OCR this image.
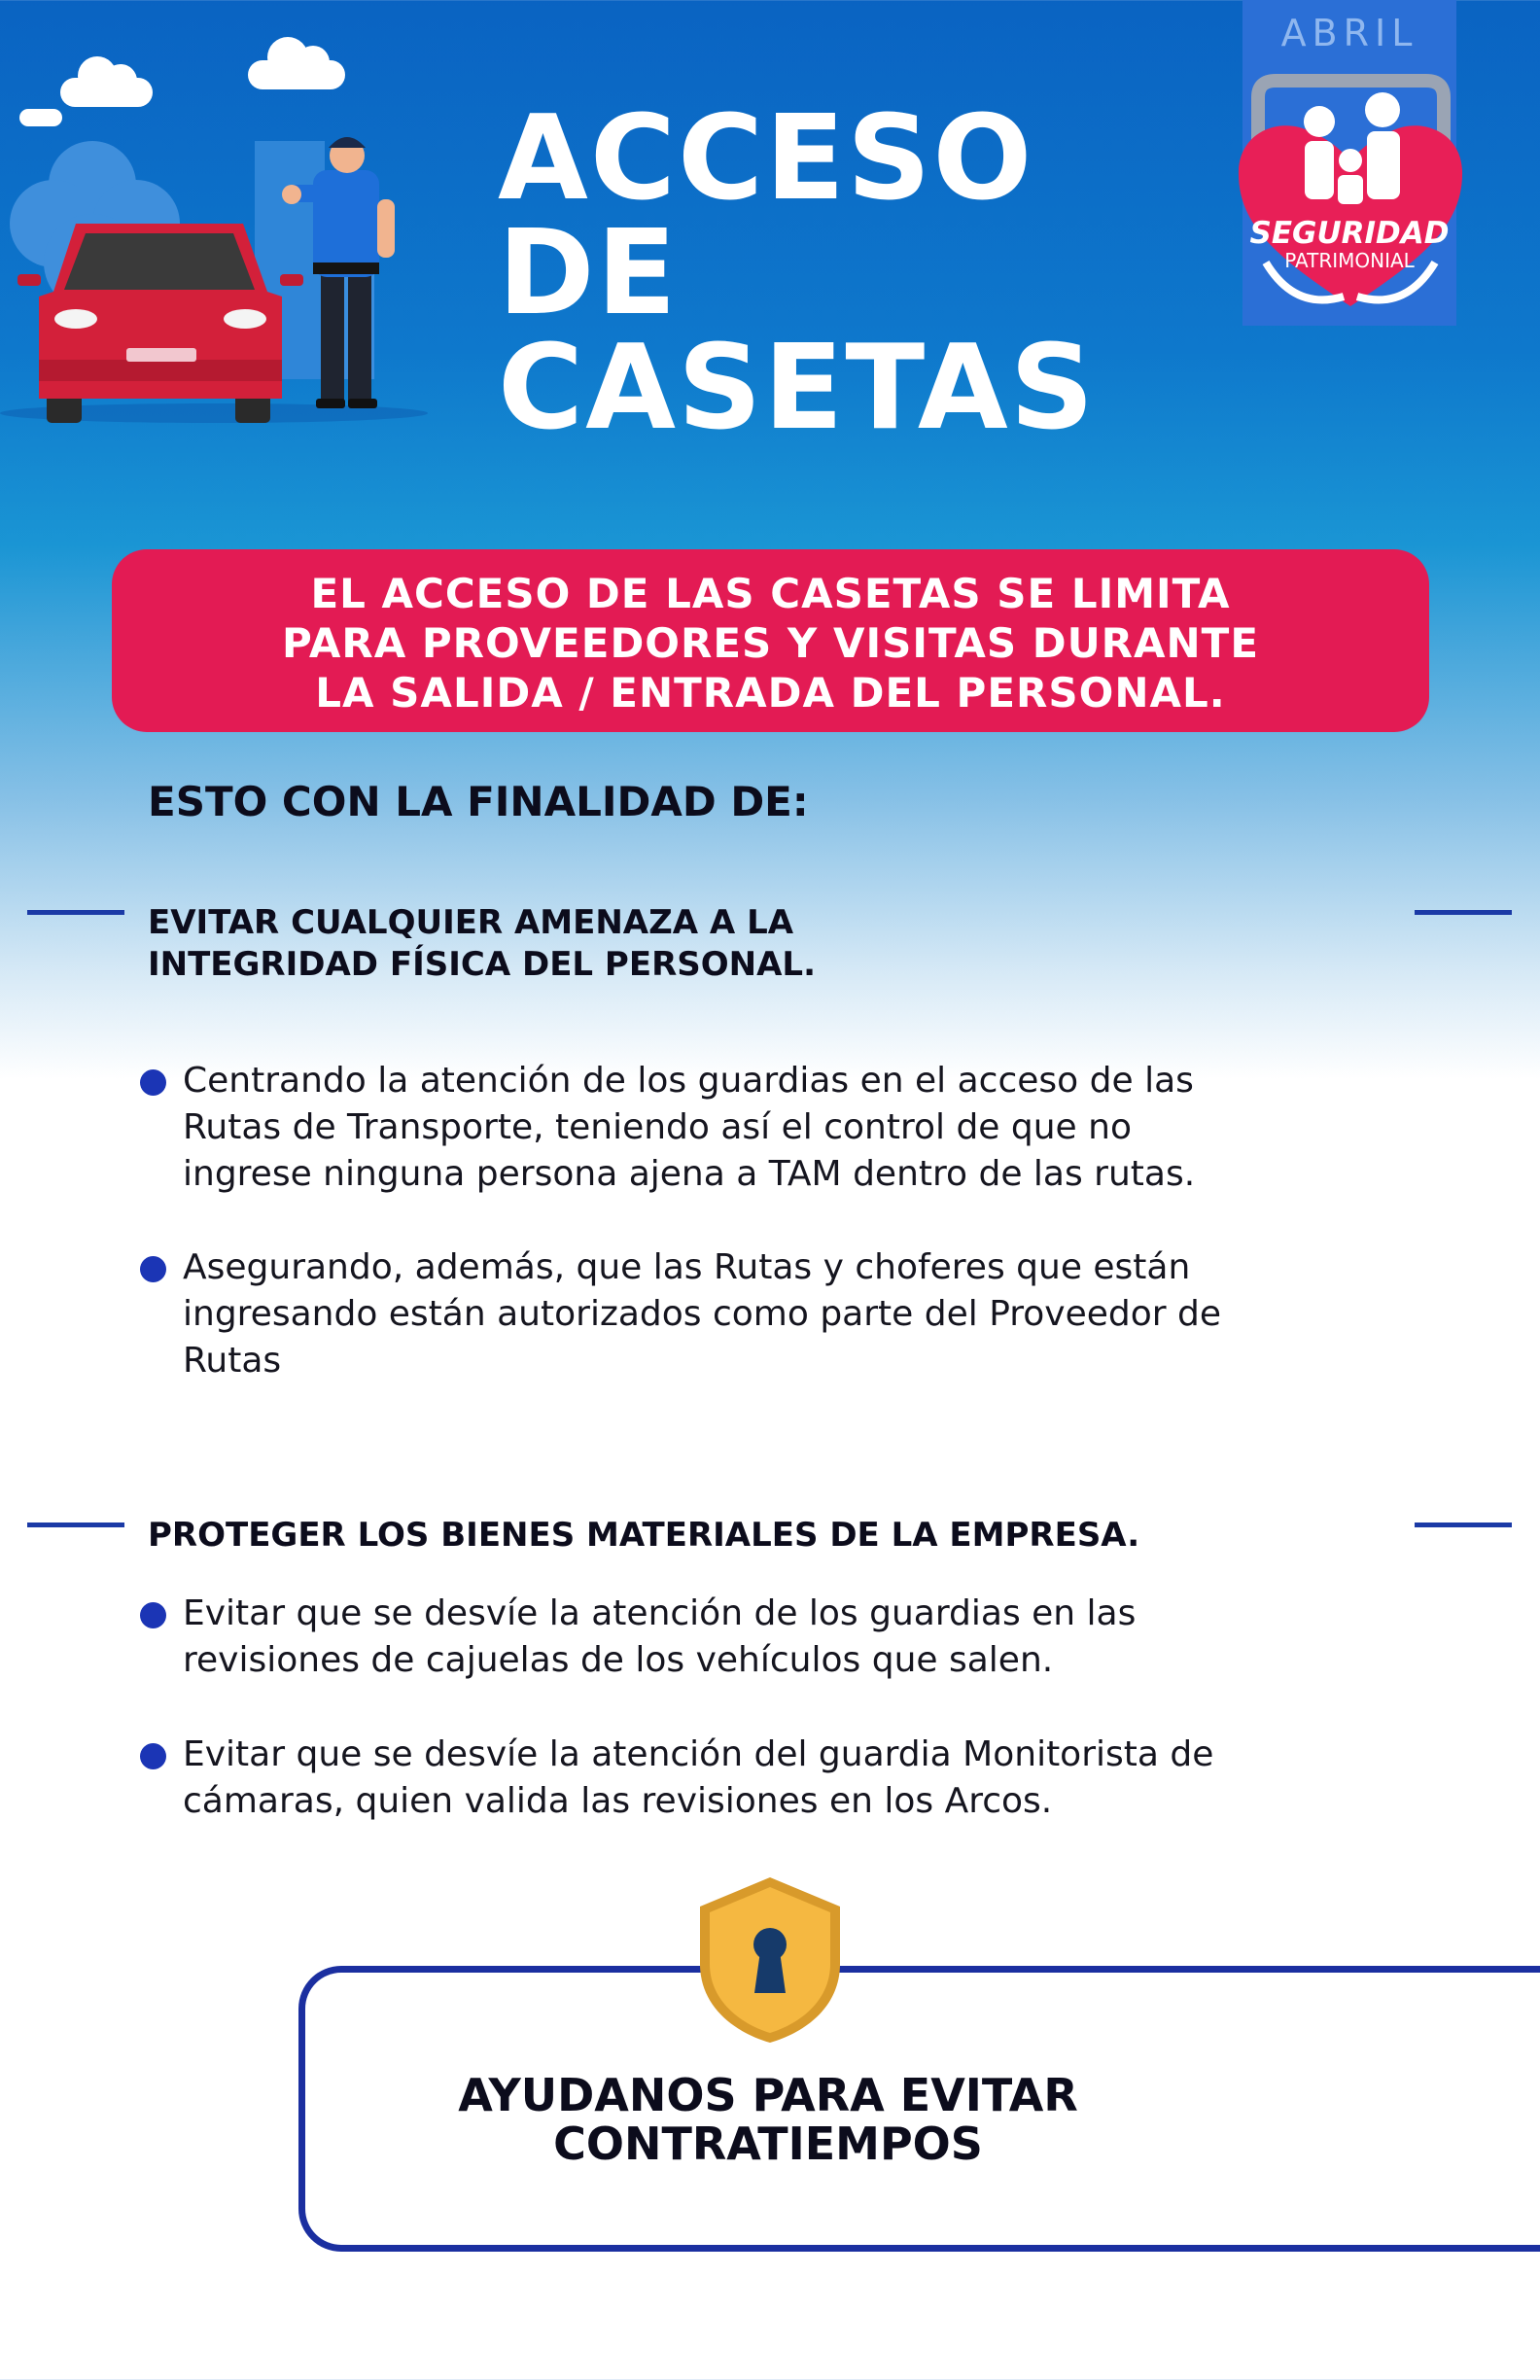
ACCESO
DE
CASETAS
ABRIL
SEGURIDAD
PATRIMONIAL
EL ACCESO DE LAS CASETAS SE LIMITA
PARA PROVEEDORES Y VISITAS DURANTE
LA SALIDA / ENTRADA DEL PERSONAL.
ESTO CON LA FINALIDAD DE:
EVITAR CUALQUIER AMENAZA A LA
INTEGRIDAD FÍSICA DEL PERSONAL.
Centrando la atención de los guardias en el acceso de las
Rutas de Transporte, teniendo así el control de que no
ingrese ninguna persona ajena a TAM dentro de las rutas.
Asegurando, además, que las Rutas y choferes que están
ingresando están autorizados como parte del Proveedor de
Rutas
PROTEGER LOS BIENES MATERIALES DE LA EMPRESA.
Evitar que se desvíe la atención de los guardias en las
revisiones de cajuelas de los vehículos que salen.
Evitar que se desvíe la atención del guardia Monitorista de
cámaras, quien valida las revisiones en los Arcos.
AYUDANOS PARA EVITAR
CONTRATIEMPOS
